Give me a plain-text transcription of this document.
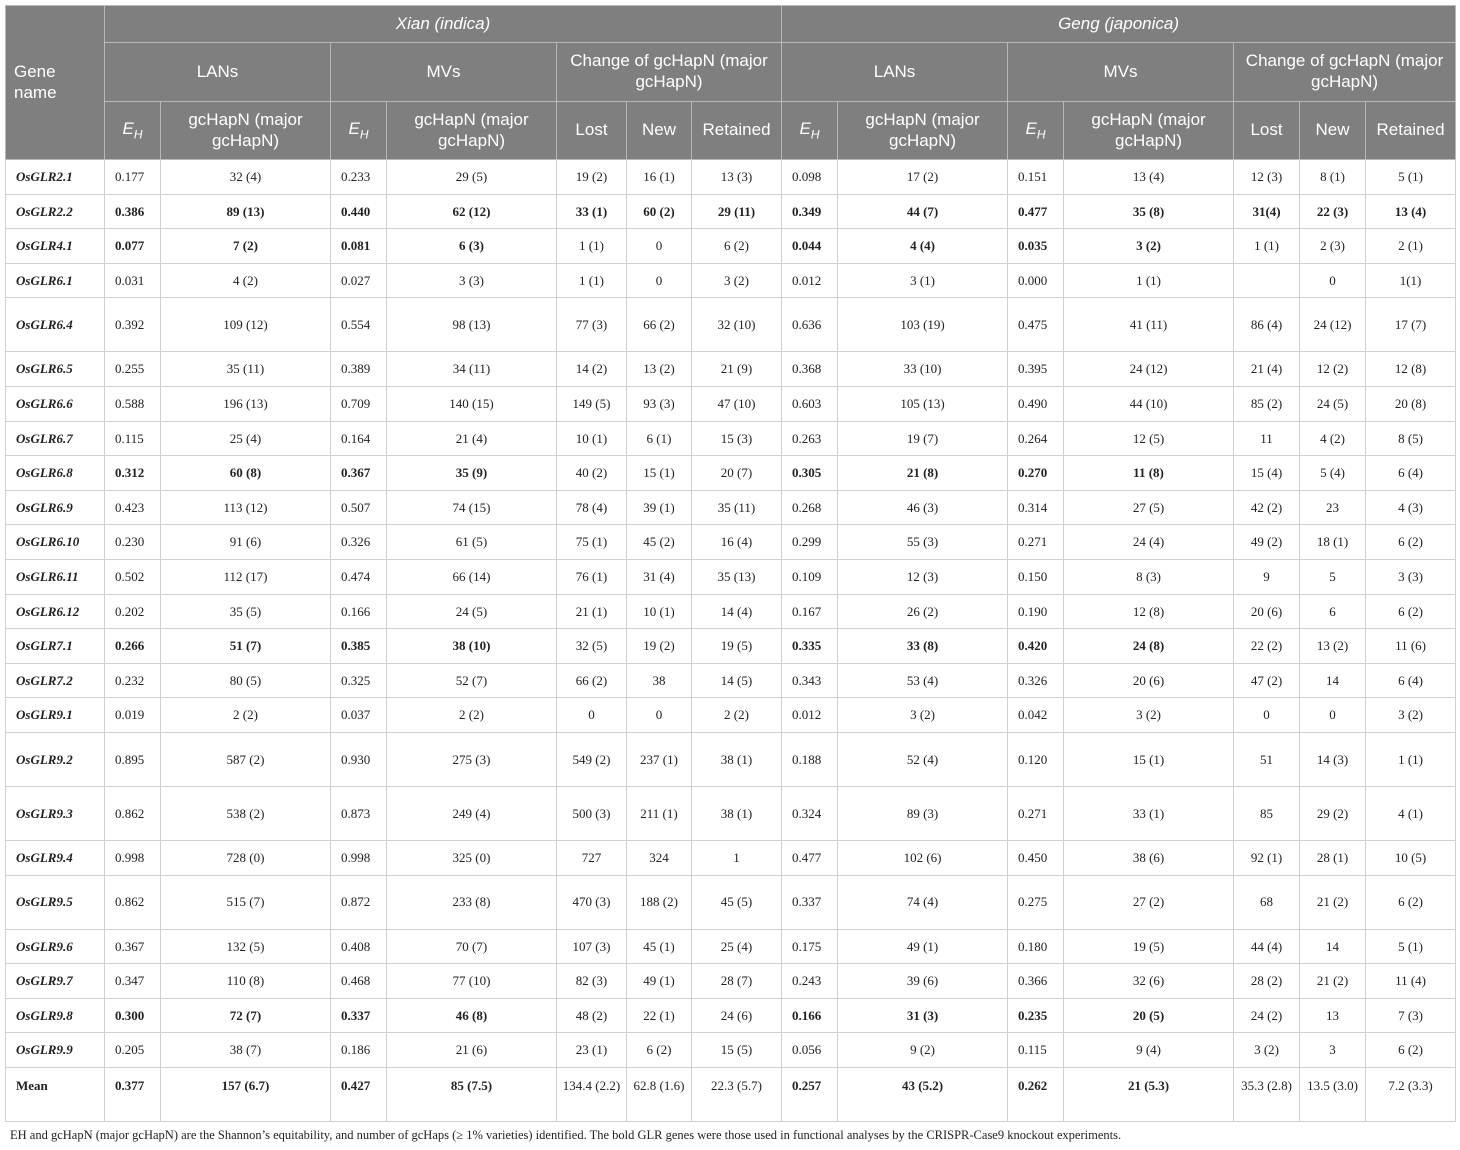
Gene name	Xian (indica)							Geng (japonica)						
	LANs		MVs		Change of gcHapN (major gcHapN)			LANs		MVs		Change of gcHapN (major gcHapN)		
	$E_H$	gcHapN (major gcHapN)	$E_H$	gcHapN (major gcHapN)	Lost	New	Retained	$E_H$	gcHapN (major gcHapN)	$E_H$	gcHapN (major gcHapN)	Lost	New	Retained
OsGLR2.1	0.177	32 (4)	0.233	29 (5)	19 (2)	16 (1)	13 (3)	0.098	17 (2)	0.151	13 (4)	12 (3)	8 (1)	5 (1)
OsGLR2.2	0.386	89 (13)	0.440	62 (12)	33 (1)	60 (2)	29 (11)	0.349	44 (7)	0.477	35 (8)	31(4)	22 (3)	13 (4)
OsGLR4.1	0.077	7 (2)	0.081	6 (3)	1 (1)	0	6 (2)	0.044	4 (4)	0.035	3 (2)	1 (1)	2 (3)	2 (1)
OsGLR6.1	0.031	4 (2)	0.027	3 (3)	1 (1)	0	3 (2)	0.012	3 (1)	0.000	1 (1)		0	1(1)
OsGLR6.4	0.392	109 (12)	0.554	98 (13)	77 (3)	66 (2)	32 (10)	0.636	103 (19)	0.475	41 (11)	86 (4)	24 (12)	17 (7)
OsGLR6.5	0.255	35 (11)	0.389	34 (11)	14 (2)	13 (2)	21 (9)	0.368	33 (10)	0.395	24 (12)	21 (4)	12 (2)	12 (8)
OsGLR6.6	0.588	196 (13)	0.709	140 (15)	149 (5)	93 (3)	47 (10)	0.603	105 (13)	0.490	44 (10)	85 (2)	24 (5)	20 (8)
OsGLR6.7	0.115	25 (4)	0.164	21 (4)	10 (1)	6 (1)	15 (3)	0.263	19 (7)	0.264	12 (5)	11	4 (2)	8 (5)
OsGLR6.8	0.312	60 (8)	0.367	35 (9)	40 (2)	15 (1)	20 (7)	0.305	21 (8)	0.270	11 (8)	15 (4)	5 (4)	6 (4)
OsGLR6.9	0.423	113 (12)	0.507	74 (15)	78 (4)	39 (1)	35 (11)	0.268	46 (3)	0.314	27 (5)	42 (2)	23	4 (3)
OsGLR6.10	0.230	91 (6)	0.326	61 (5)	75 (1)	45 (2)	16 (4)	0.299	55 (3)	0.271	24 (4)	49 (2)	18 (1)	6 (2)
OsGLR6.11	0.502	112 (17)	0.474	66 (14)	76 (1)	31 (4)	35 (13)	0.109	12 (3)	0.150	8 (3)	9	5	3 (3)
OsGLR6.12	0.202	35 (5)	0.166	24 (5)	21 (1)	10 (1)	14 (4)	0.167	26 (2)	0.190	12 (8)	20 (6)	6	6 (2)
OsGLR7.1	0.266	51 (7)	0.385	38 (10)	32 (5)	19 (2)	19 (5)	0.335	33 (8)	0.420	24 (8)	22 (2)	13 (2)	11 (6)
OsGLR7.2	0.232	80 (5)	0.325	52 (7)	66 (2)	38	14 (5)	0.343	53 (4)	0.326	20 (6)	47 (2)	14	6 (4)
OsGLR9.1	0.019	2 (2)	0.037	2 (2)	0	0	2 (2)	0.012	3 (2)	0.042	3 (2)	0	0	3 (2)
OsGLR9.2	0.895	587 (2)	0.930	275 (3)	549 (2)	237 (1)	38 (1)	0.188	52 (4)	0.120	15 (1)	51	14 (3)	1 (1)
OsGLR9.3	0.862	538 (2)	0.873	249 (4)	500 (3)	211 (1)	38 (1)	0.324	89 (3)	0.271	33 (1)	85	29 (2)	4 (1)
OsGLR9.4	0.998	728 (0)	0.998	325 (0)	727	324	1	0.477	102 (6)	0.450	38 (6)	92 (1)	28 (1)	10 (5)
OsGLR9.5	0.862	515 (7)	0.872	233 (8)	470 (3)	188 (2)	45 (5)	0.337	74 (4)	0.275	27 (2)	68	21 (2)	6 (2)
OsGLR9.6	0.367	132 (5)	0.408	70 (7)	107 (3)	45 (1)	25 (4)	0.175	49 (1)	0.180	19 (5)	44 (4)	14	5 (1)
OsGLR9.7	0.347	110 (8)	0.468	77 (10)	82 (3)	49 (1)	28 (7)	0.243	39 (6)	0.366	32 (6)	28 (2)	21 (2)	11 (4)
OsGLR9.8	0.300	72 (7)	0.337	46 (8)	48 (2)	22 (1)	24 (6)	0.166	31 (3)	0.235	20 (5)	24 (2)	13	7 (3)
OsGLR9.9	0.205	38 (7)	0.186	21 (6)	23 (1)	6 (2)	15 (5)	0.056	9 (2)	0.115	9 (4)	3 (2)	3	6 (2)
Mean	0.377	157 (6.7)	0.427	85 (7.5)	134.4 (2.2)	62.8 (1.6)	22.3 (5.7)	0.257	43 (5.2)	0.262	21 (5.3)	35.3 (2.8)	13.5 (3.0)	7.2 (3.3)
EH and gcHapN (major gcHapN) are the Shannon’s equitability, and number of gcHaps (≥ 1% varieties) identified. The bold GLR genes were those used in functional analyses by the CRISPR-Case9 knockout experiments.
